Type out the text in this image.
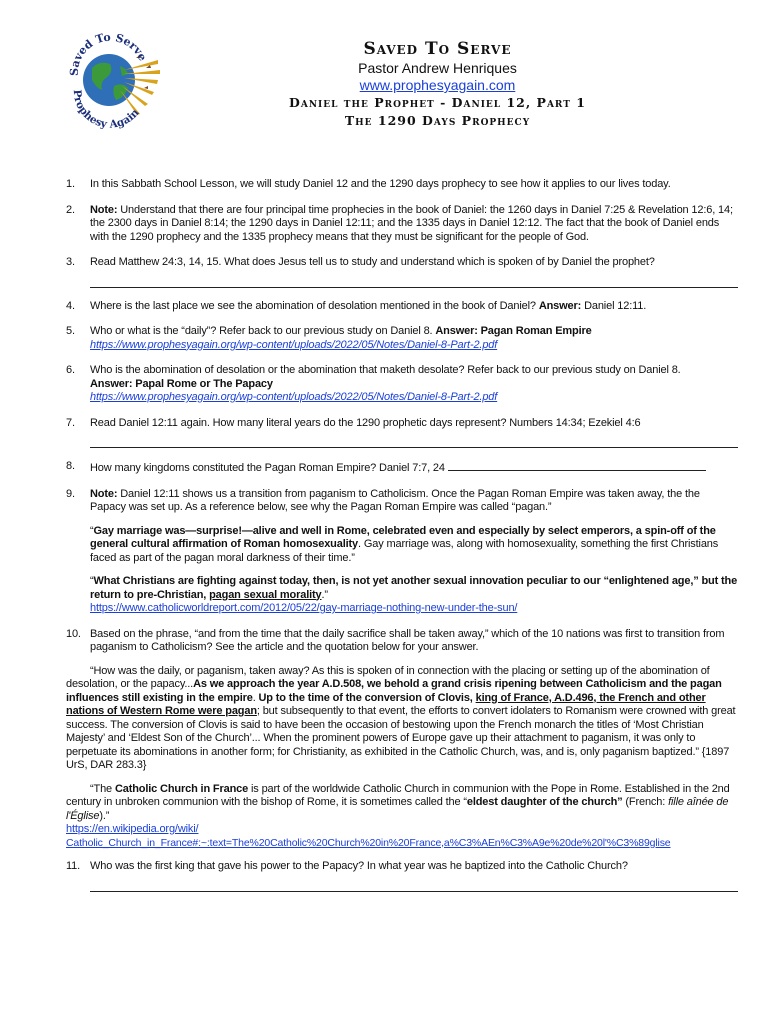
Saved To Serve
Prophesy Again
Saved To Serve
Pastor Andrew Henriques
www.prophesyagain.com
Daniel the Prophet - Daniel 12, Part 1
The 1290 Days Prophecy
1. In this Sabbath School Lesson, we will study Daniel 12 and the 1290 days prophecy to see how it applies to our lives today.
2. Note: Understand that there are four principal time prophecies in the book of Daniel: the 1260 days in Daniel 7:25 & Revelation 12:6, 14; the 2300 days in Daniel 8:14; the 1290 days in Daniel 12:11; and the 1335 days in Daniel 12:12. The fact that the book of Daniel ends with the 1290 prophecy and the 1335 prophecy means that they must be significant for the people of God.
3. Read Matthew 24:3, 14, 15. What does Jesus tell us to study and understand which is spoken of by Daniel the prophet?
4. Where is the last place we see the abomination of desolation mentioned in the book of Daniel? Answer: Daniel 12:11.
5. Who or what is the “daily”? Refer back to our previous study on Daniel 8. Answer: Pagan Roman Empire
https://www.prophesyagain.org/wp-content/uploads/2022/05/Notes/Daniel-8-Part-2.pdf
6. Who is the abomination of desolation or the abomination that maketh desolate? Refer back to our previous study on Daniel 8.
Answer: Papal Rome or The Papacy
https://www.prophesyagain.org/wp-content/uploads/2022/05/Notes/Daniel-8-Part-2.pdf
7. Read Daniel 12:11 again. How many literal years do the 1290 prophetic days represent? Numbers 14:34; Ezekiel 4:6
8. How many kingdoms constituted the Pagan Roman Empire? Daniel 7:7, 24
9. Note: Daniel 12:11 shows us a transition from paganism to Catholicism. Once the Pagan Roman Empire was taken away, the the Papacy was set up. As a reference below, see why the Pagan Roman Empire was called “pagan.”
“Gay marriage was—surprise!—alive and well in Rome, celebrated even and especially by select emperors, a spin-off of the general cultural affirmation of Roman homosexuality. Gay marriage was, along with homosexuality, something the first Christians faced as part of the pagan moral darkness of their time.”
“What Christians are fighting against today, then, is not yet another sexual innovation peculiar to our “enlightened age,” but the return to pre-Christian, pagan sexual morality.”
https://www.catholicworldreport.com/2012/05/22/gay-marriage-nothing-new-under-the-sun/
10. Based on the phrase, “and from the time that the daily sacrifice shall be taken away,” which of the 10 nations was first to transition from paganism to Catholicism? See the article and the quotation below for your answer.
“How was the daily, or paganism, taken away? As this is spoken of in connection with the placing or setting up of the abomination of desolation, or the papacy...As we approach the year A.D.508, we behold a grand crisis ripening between Catholicism and the pagan influences still existing in the empire. Up to the time of the conversion of Clovis, king of France, A.D.496, the French and other nations of Western Rome were pagan; but subsequently to that event, the efforts to convert idolaters to Romanism were crowned with great success. The conversion of Clovis is said to have been the occasion of bestowing upon the French monarch the titles of ‘Most Christian Majesty’ and ‘Eldest Son of the Church’... When the prominent powers of Europe gave up their attachment to paganism, it was only to perpetuate its abominations in another form; for Christianity, as exhibited in the Catholic Church, was, and is, only paganism baptized.” {1897 UrS, DAR 283.3}
“The Catholic Church in France is part of the worldwide Catholic Church in communion with the Pope in Rome. Established in the 2nd century in unbroken communion with the bishop of Rome, it is sometimes called the “eldest daughter of the church” (French: fille aînée de l'Église).”
https://en.wikipedia.org/wiki/
Catholic_Church_in_France#:~:text=The%20Catholic%20Church%20in%20France,a%C3%AEn%C3%A9e%20de%20l'%C3%89glise
11. Who was the first king that gave his power to the Papacy? In what year was he baptized into the Catholic Church?
